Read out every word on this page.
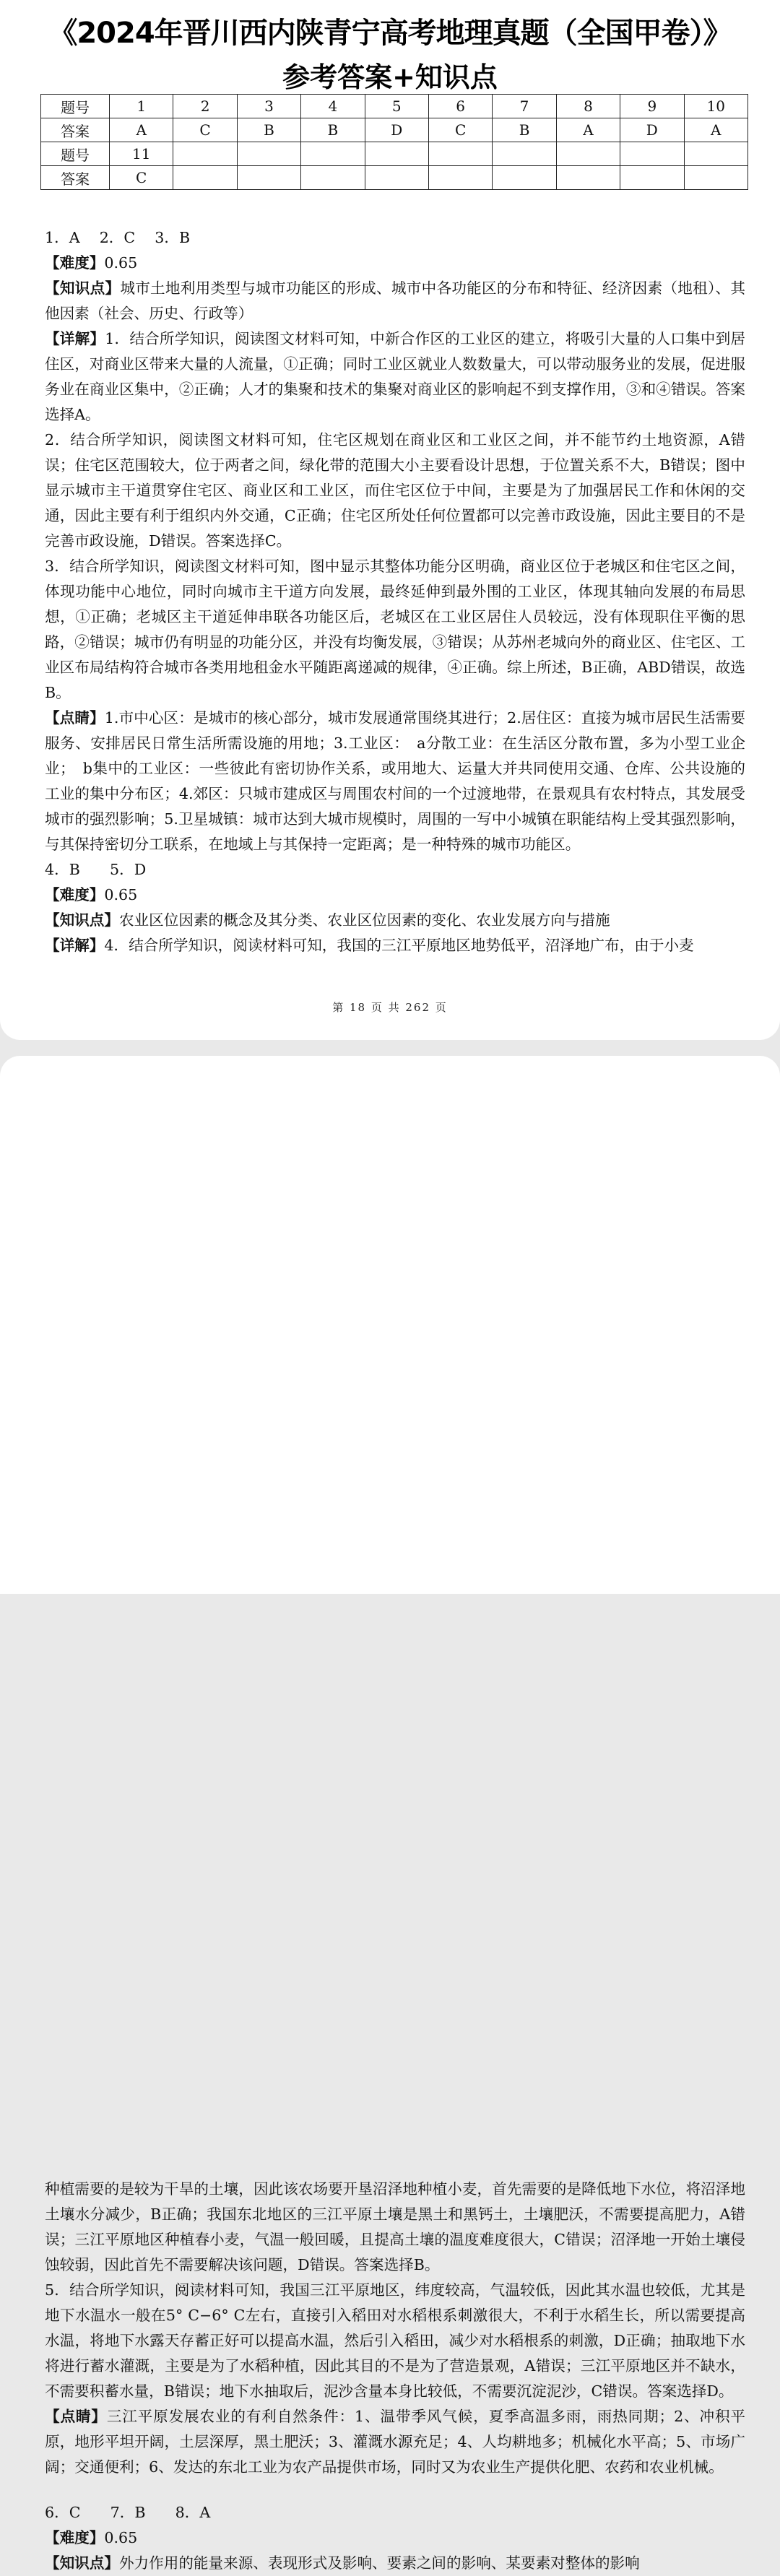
《2024年晋川西内陕青宁高考地理真题（全国甲卷）》
参考答案+知识点
题号	1	2	3	4	5	6	7	8	9	10
答案	A	C	B	B	D	C	B	A	D	A
题号	11									
答案	C									

1．A　 2．C　 3．B

【难度】0.65

【知识点】城市土地利用类型与城市功能区的形成、城市中各功能区的分布和特征、经济因素（地租）、其他因素（社会、历史、行政等）

【详解】1．结合所学知识，阅读图文材料可知，中新合作区的工业区的建立，将吸引大量的人口集中到居住区，对商业区带来大量的人流量，①正确；同时工业区就业人数数量大，可以带动服务业的发展，促进服务业在商业区集中，②正确；人才的集聚和技术的集聚对商业区的影响起不到支撑作用，③和④错误。答案选择A。

2．结合所学知识，阅读图文材料可知，住宅区规划在商业区和工业区之间，并不能节约土地资源，A错误；住宅区范围较大，位于两者之间，绿化带的范围大小主要看设计思想，于位置关系不大，B错误；图中显示城市主干道贯穿住宅区、商业区和工业区，而住宅区位于中间，主要是为了加强居民工作和休闲的交通，因此主要有利于组织内外交通，C正确；住宅区所处任何位置都可以完善市政设施，因此主要目的不是完善市政设施，D错误。答案选择C。

3．结合所学知识，阅读图文材料可知，图中显示其整体功能分区明确，商业区位于老城区和住宅区之间，体现功能中心地位，同时向城市主干道方向发展，最终延伸到最外围的工业区，体现其轴向发展的布局思想，①正确；老城区主干道延伸串联各功能区后，老城区在工业区居住人员较远，没有体现职住平衡的思路，②错误；城市仍有明显的功能分区，并没有均衡发展，③错误；从苏州老城向外的商业区、住宅区、工业区布局结构符合城市各类用地租金水平随距离递减的规律，④正确。综上所述，B正确，ABD错误，故选B。

【点睛】1.市中心区：是城市的核心部分，城市发展通常围绕其进行；2.居住区：直接为城市居民生活需要服务、安排居民日常生活所需设施的用地；3.工业区：　a分散工业：在生活区分散布置，多为小型工业企业；　b集中的工业区：一些彼此有密切协作关系，或用地大、运量大并共同使用交通、仓库、公共设施的工业的集中分布区；4.郊区：只城市建成区与周围农村间的一个过渡地带，在景观具有农村特点，其发展受城市的强烈影响；5.卫星城镇：城市达到大城市规模时，周围的一写中小城镇在职能结构上受其强烈影响，与其保持密切分工联系，在地域上与其保持一定距离；是一种特殊的城市功能区。

4．B　　5．D

【难度】0.65

【知识点】农业区位因素的概念及其分类、农业区位因素的变化、农业发展方向与措施

【详解】4．结合所学知识，阅读材料可知，我国的三江平原地区地势低平，沼泽地广布，由于小麦

第 18 页 共 262 页

种植需要的是较为干旱的土壤，因此该农场要开垦沼泽地种植小麦，首先需要的是降低地下水位，将沼泽地土壤水分减少，B正确；我国东北地区的三江平原土壤是黑土和黑钙土，土壤肥沃，不需要提高肥力，A错误；三江平原地区种植春小麦，气温一般回暖，且提高土壤的温度难度很大，C错误；沼泽地一开始土壤侵蚀较弱，因此首先不需要解决该问题，D错误。答案选择B。

5．结合所学知识，阅读材料可知，我国三江平原地区，纬度较高，气温较低，因此其水温也较低，尤其是地下水温水一般在5° C−6° C左右，直接引入稻田对水稻根系刺激很大，不利于水稻生长，所以需要提高水温，将地下水露天存蓄正好可以提高水温，然后引入稻田，减少对水稻根系的刺激，D正确；抽取地下水将进行蓄水灌溉，主要是为了水稻种植，因此其目的不是为了营造景观，A错误；三江平原地区并不缺水，不需要积蓄水量，B错误；地下水抽取后，泥沙含量本身比较低，不需要沉淀泥沙，C错误。答案选择D。

【点睛】三江平原发展农业的有利自然条件：1、温带季风气候，夏季高温多雨，雨热同期；2、冲积平原，地形平坦开阔，土层深厚，黑土肥沃；3、灌溉水源充足；4、人均耕地多；机械化水平高；5、市场广阔；交通便利；6、发达的东北工业为农产品提供市场，同时又为农业生产提供化肥、农药和农业机械。

6．C　　7．B　　8．A

【难度】0.65

【知识点】外力作用的能量来源、表现形式及影响、要素之间的影响、某要素对整体的影响
